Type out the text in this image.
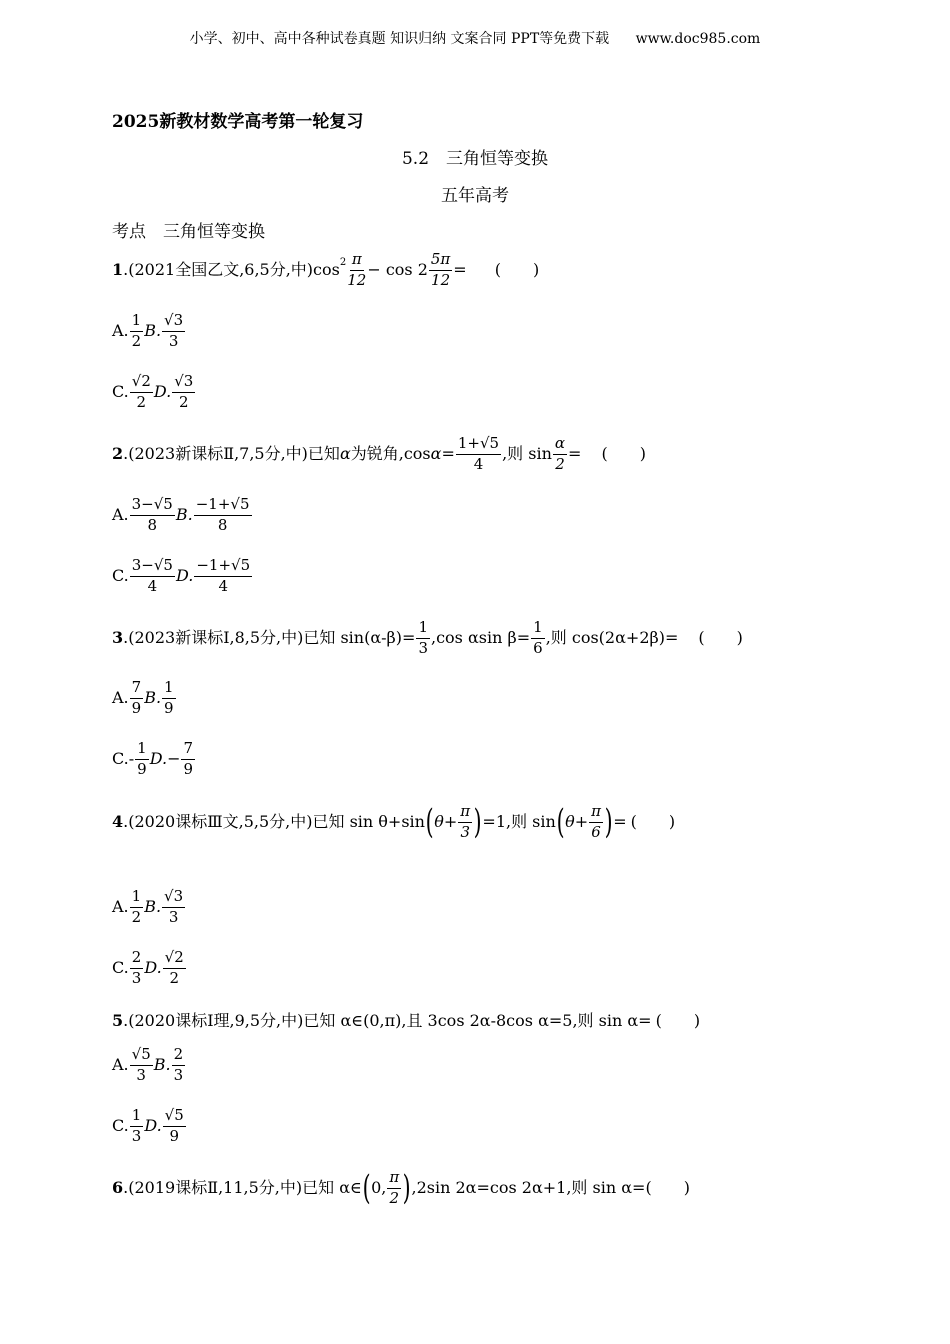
小学、初中、高中各种试卷真题 知识归纳 文案合同 PPT等免费下载 www.doc985.com
2025新教材数学高考第一轮复习
5.2　三角恒等变换
五年高考
考点　三角恒等变换
1 .(2021全国乙文,6,5分,中)$\cos^2 \frac{\pi}{12} - \cos 2 \frac{5\pi}{12}$ = (　　)
A. $\frac{1}{2} B$. $\frac{√3}{3}$
C. $\frac{√2}{2} D$. $\frac{√3}{2}$
2 .(2023新课标Ⅱ,7,5分,中)已知 α 为锐角,cos $\alpha = \frac{1+√5}{4}$ ,则 $\sin \frac{\alpha}{2}$ = (　　)
A. $\frac{3-√5}{8} B$. $\frac{-1+√5}{8}$
C. $\frac{3-√5}{4} D$. $\frac{-1+√5}{4}$
3 .(2023新课标Ⅰ,8,5分,中)已知 $\sin(\alpha-\beta)= \frac{1}{3} ,\cos$ αsin $\beta= \frac{1}{6}$ ,则 cos(2α+2β)= (　　)
A. $\frac{7}{9} B$. $\frac{1}{9}$
$C.- \frac{1}{9} D.- \frac{7}{9}$
4 .(2020课标Ⅲ文,5,5分,中)已知 sin θ+sin ( $\theta+ \frac{\pi}{3}$ ) =1,则 sin ( $\theta+ \frac{\pi}{6}$ ) = (　　)
A. $\frac{1}{2} B$. $\frac{√3}{3}$
C. $\frac{2}{3} D$. $\frac{√2}{2}$
5 .(2020课标Ⅰ理,9,5分,中)已知 α∈(0,π),且 3cos 2α-8cos α=5,则 sin α= (　　)
A. $\frac{√5}{3} B$. $\frac{2}{3}$
C. $\frac{1}{3} D$. $\frac{√5}{9}$
6 .(2019课标Ⅱ,11,5分,中)已知 α∈ ( 0, $\frac{\pi}{2}$ ) ,2sin 2α=cos 2α+1,则 sin α= (　　)
